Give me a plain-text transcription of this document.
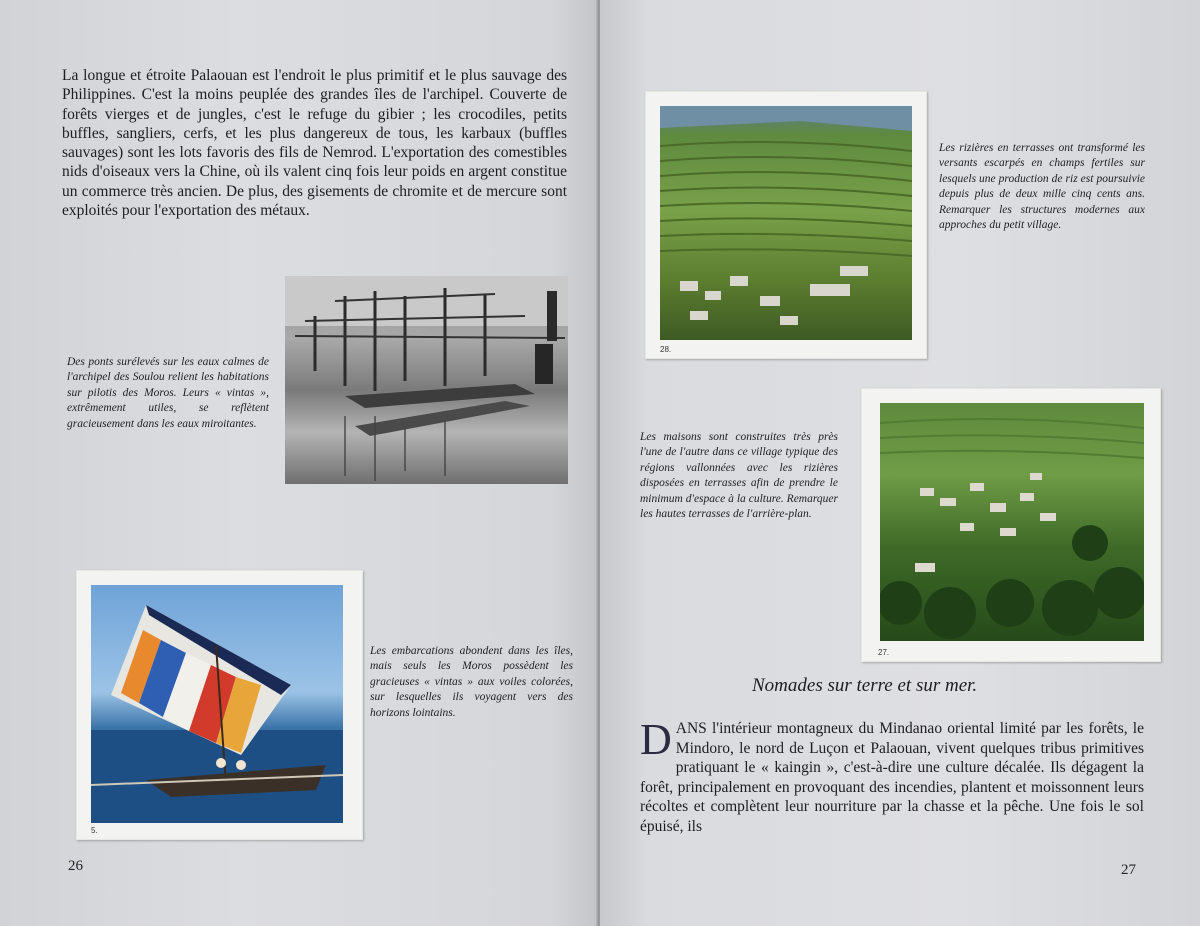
La longue et étroite Palaouan est l'endroit le plus primitif et le plus sauvage des Philippines. C'est la moins peuplée des grandes îles de l'archipel. Couverte de forêts vierges et de jungles, c'est le refuge du gibier ; les crocodiles, petits buffles, sangliers, cerfs, et les plus dangereux de tous, les karbaux (buffles sauvages) sont les lots favoris des fils de Nemrod. L'exportation des comestibles nids d'oiseaux vers la Chine, où ils valent cinq fois leur poids en argent constitue un commerce très ancien. De plus, des gisements de chromite et de mercure sont exploités pour l'exportation des métaux.
Des ponts surélevés sur les eaux calmes de l'archipel des Soulou relient les habitations sur pilotis des Moros. Leurs « vintas », extrêmement utiles, se reflètent gracieusement dans les eaux miroitantes.
5.
Les embarcations abondent dans les îles, mais seuls les Moros possèdent les gracieuses « vintas » aux voiles colorées, sur lesquelles ils voyagent vers des horizons lointains.
26
28.
Les rizières en terrasses ont transformé les versants escarpés en champs fertiles sur lesquels une production de riz est poursuivie depuis plus de deux mille cinq cents ans. Remarquer les structures modernes aux approches du petit village.
Les maisons sont construites très près l'une de l'autre dans ce village typique des régions vallonnées avec les rizières disposées en terrasses afin de prendre le minimum d'espace à la culture. Remarquer les hautes terrasses de l'arrière-plan.
27.
Nomades sur terre et sur mer.
DANS l'intérieur montagneux du Mindanao oriental limité par les forêts, le Mindoro, le nord de Luçon et Palaouan, vivent quelques tribus primitives pratiquant le « kaingin », c'est-à-dire une culture décalée. Ils dégagent la forêt, principalement en provoquant des incendies, plantent et moissonnent leurs récoltes et complètent leur nourriture par la chasse et la pêche. Une fois le sol épuisé, ils
27
